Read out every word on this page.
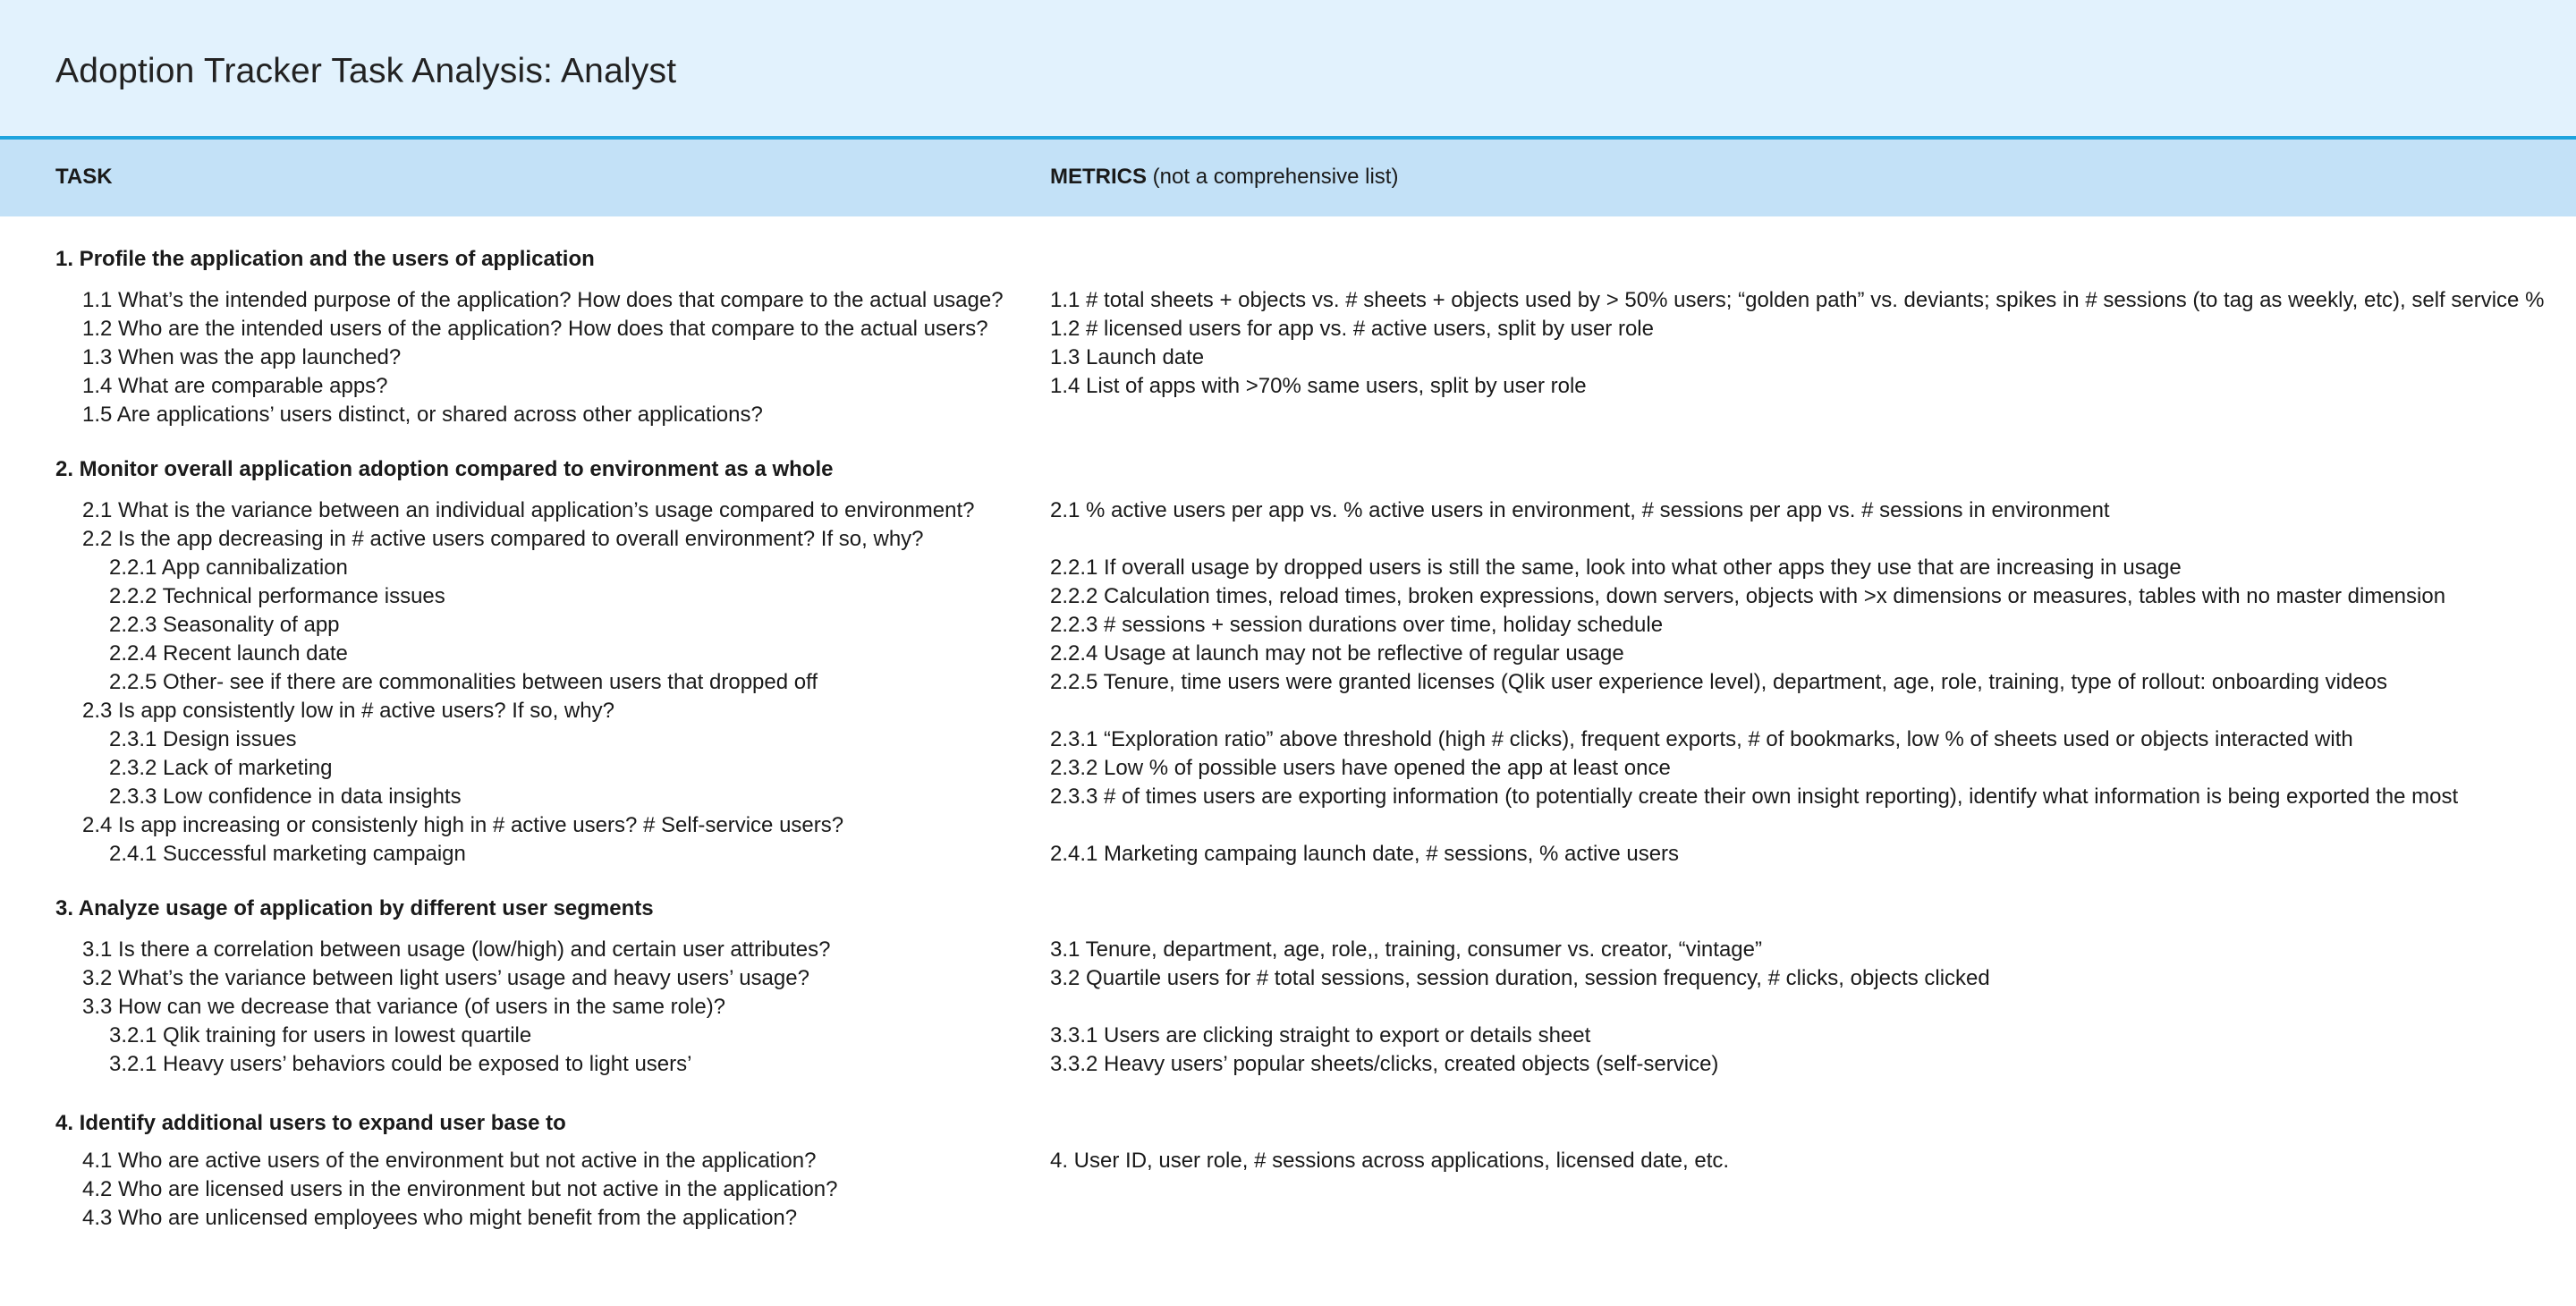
Adoption Tracker Task Analysis: Analyst
TASK	METRICS (not a comprehensive list)
1. Profile the application and the users of application
1.1 What’s the intended purpose of the application? How does that compare to the actual usage?
1.2 Who are the intended users of the application? How does that compare to the actual users?
1.3 When was the app launched?
1.4 What are comparable apps?
1.5 Are applications’ users distinct, or shared across other applications?
1.1 # total sheets + objects vs. # sheets + objects used by > 50% users; “golden path” vs. deviants; spikes in # sessions (to tag as weekly, etc), self service %
1.2 # licensed users for app vs. # active users, split by user role
1.3 Launch date
1.4 List of apps with >70% same users, split by user role
2. Monitor overall application adoption compared to environment as a whole
2.1 What is the variance between an individual application’s usage compared to environment?
2.2 Is the app decreasing in # active users compared to overall environment? If so, why?
2.2.1 App cannibalization
2.2.2 Technical performance issues
2.2.3 Seasonality of app
2.2.4 Recent launch date
2.2.5 Other- see if there are commonalities between users that dropped off
2.3 Is app consistently low in # active users? If so, why?
2.3.1 Design issues
2.3.2 Lack of marketing
2.3.3 Low confidence in data insights
2.4 Is app increasing or consistenly high in # active users? # Self-service users?
2.4.1 Successful marketing campaign
2.1 % active users per app vs. % active users in environment, # sessions per app vs. # sessions in environment
2.2.1 If overall usage by dropped users is still the same, look into what other apps they use that are increasing in usage
2.2.2 Calculation times, reload times, broken expressions, down servers, objects with >x dimensions or measures, tables with no master dimension
2.2.3 # sessions + session durations over time, holiday schedule
2.2.4 Usage at launch may not be reflective of regular usage
2.2.5 Tenure, time users were granted licenses (Qlik user experience level), department, age, role, training, type of rollout: onboarding videos
2.3.1 “Exploration ratio” above threshold (high # clicks), frequent exports, # of bookmarks, low % of sheets used or objects interacted with
2.3.2 Low % of possible users have opened the app at least once
2.3.3 # of times users are exporting information (to potentially create their own insight reporting), identify what information is being exported the most
2.4.1 Marketing campaing launch date, # sessions, % active users
3. Analyze usage of application by different user segments
3.1 Is there a correlation between usage (low/high) and certain user attributes?
3.2 What’s the variance between light users’ usage and heavy users’ usage?
3.3 How can we decrease that variance (of users in the same role)?
3.2.1 Qlik training for users in lowest quartile
3.2.1 Heavy users’ behaviors could be exposed to light users’
3.1 Tenure, department, age, role,, training, consumer vs. creator, “vintage”
3.2 Quartile users for # total sessions, session duration, session frequency, # clicks, objects clicked
3.3.1 Users are clicking straight to export or details sheet
3.3.2 Heavy users’ popular sheets/clicks, created objects (self-service)
4. Identify additional users to expand user base to
4.1 Who are active users of the environment but not active in the application?
4.2 Who are licensed users in the environment but not active in the application?
4.3 Who are unlicensed employees who might benefit from the application?
4. User ID, user role, # sessions across applications, licensed date, etc.
